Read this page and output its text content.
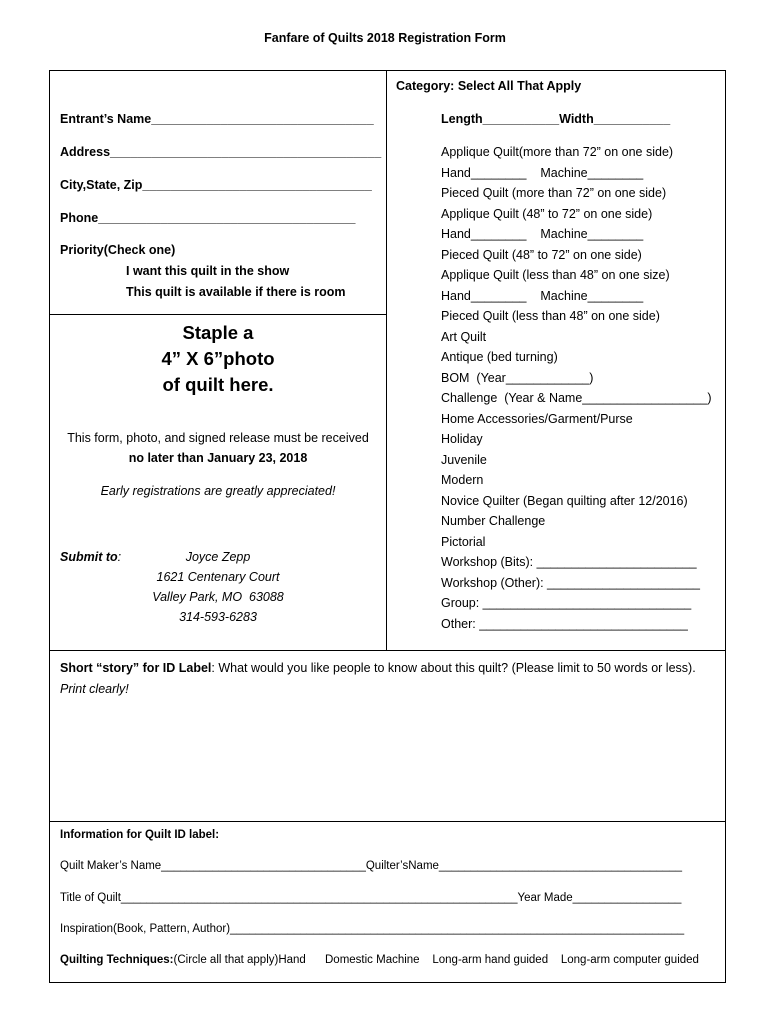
Fanfare of Quilts 2018 Registration Form
Entrant’s Name________________________________
Address_______________________________________
City,State, Zip_________________________________
Phone_____________________________________
Priority(Check one)
I want this quilt in the show
This quilt is available if there is room
Staple a
4” X 6”photo
of quilt here.
This form, photo, and signed release must be received
no later than January 23, 2018
Early registrations are greatly appreciated!
Submit to:	Joyce Zepp
1621 Centenary Court
Valley Park, MO  63088
314-593-6283
Category: Select All That Apply
Length___________Width___________
Applique Quilt(more than 72” on one side)
Hand________    Machine________
Pieced Quilt (more than 72” on one side)
Applique Quilt (48” to 72” on one side)
Hand________    Machine________
Pieced Quilt (48” to 72” on one side)
Applique Quilt (less than 48” on one size)
Hand________    Machine________
Pieced Quilt (less than 48” on one side)
Art Quilt
Antique (bed turning)
BOM  (Year____________)
Challenge  (Year & Name__________________)
Home Accessories/Garment/Purse
Holiday
Juvenile
Modern
Novice Quilter (Began quilting after 12/2016)
Number Challenge
Pictorial
Workshop (Bits): _______________________
Workshop (Other): ______________________
Group: ______________________________
Other: ______________________________
Short “story” for ID Label: What would you like people to know about this quilt? (Please limit to 50 words or less).
Print clearly!
Information for Quilt ID label:
Quilt Maker’s Name________________________________Quilter’sName______________________________________
Title of Quilt______________________________________________________________Year Made_________________
Inspiration(Book, Pattern, Author)_______________________________________________________________________
Quilting Techniques:(Circle all that apply)Hand      Domestic Machine    Long-arm hand guided    Long-arm computer guided
